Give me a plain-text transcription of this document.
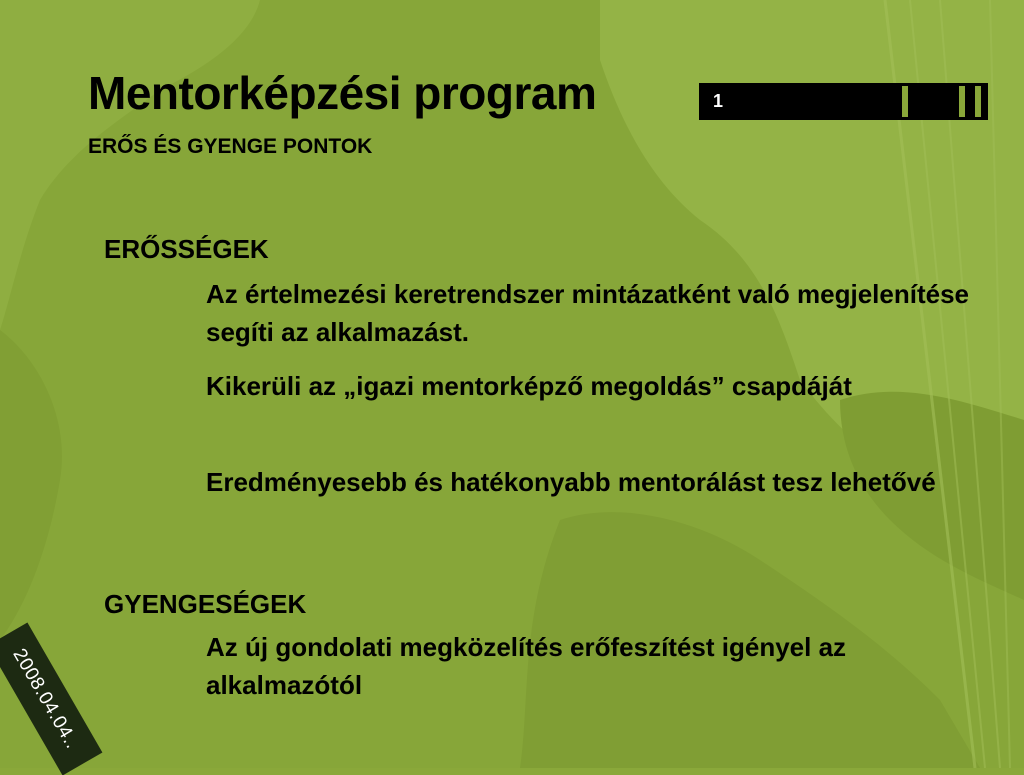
Mentorképzési program
ERŐS ÉS GYENGE PONTOK
1
ERŐSSÉGEK
Az értelmezési keretrendszer mintázatként való megjelenítése segíti az alkalmazást.
Kikerüli az „igazi mentorképző megoldás” csapdáját
Eredményesebb és hatékonyabb mentorálást tesz lehetővé
GYENGESÉGEK
Az új gondolati megközelítés erőfeszítést igényel az alkalmazótól
2008.04.04..
